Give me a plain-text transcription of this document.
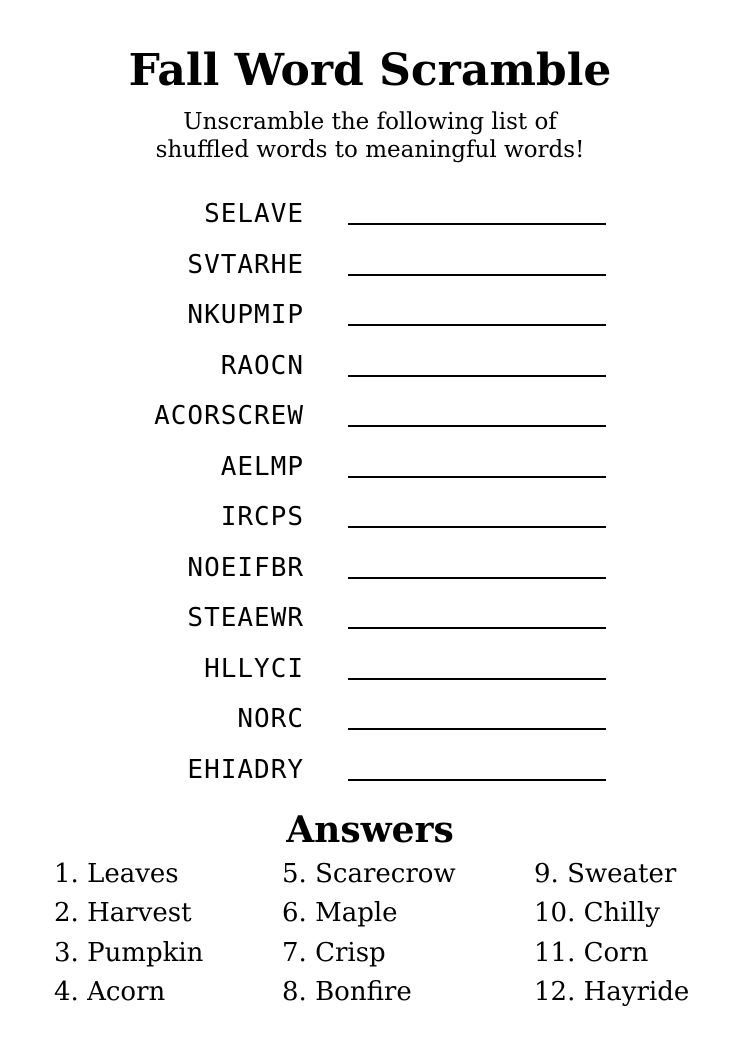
Fall Word Scramble
Unscramble the following list of
shuffled words to meaningful words!
SELAVE
SVTARHE
NKUPMIP
RAOCN
ACORSCREW
AELMP
IRCPS
NOEIFBR
STEAEWR
HLLYCI
NORC
EHIADRY
Answers
1. Leaves
2. Harvest
3. Pumpkin
4. Acorn
5. Scarecrow
6. Maple
7. Crisp
8. Bonfire
9. Sweater
10. Chilly
11. Corn
12. Hayride
